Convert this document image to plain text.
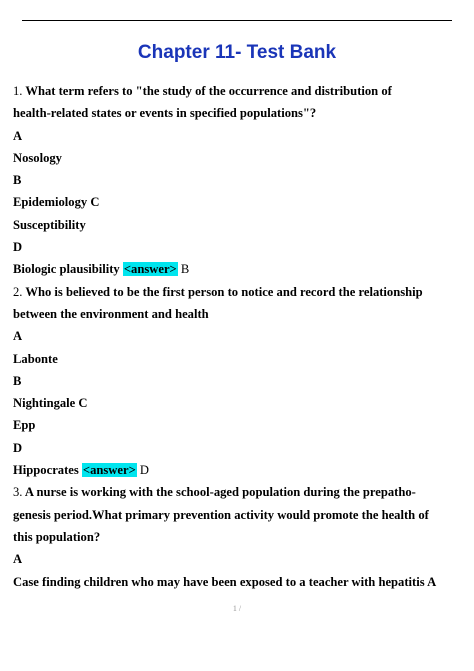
Chapter 11- Test Bank
1. What term refers to "the study of the occurrence and distribution of
health-related states or events in specified populations"?
A
Nosology
B
Epidemiology C
Susceptibility
D
Biologic plausibility <answer> B
2. Who is believed to be the first person to notice and record the relationship
between the environment and health
A
Labonte
B
Nightingale C
Epp
D
Hippocrates <answer> D
3. A nurse is working with the school-aged population during the prepatho-
genesis period.What primary prevention activity would promote the health of
this population?
A
Case finding children who may have been exposed to a teacher with hepatitis A
1 /
